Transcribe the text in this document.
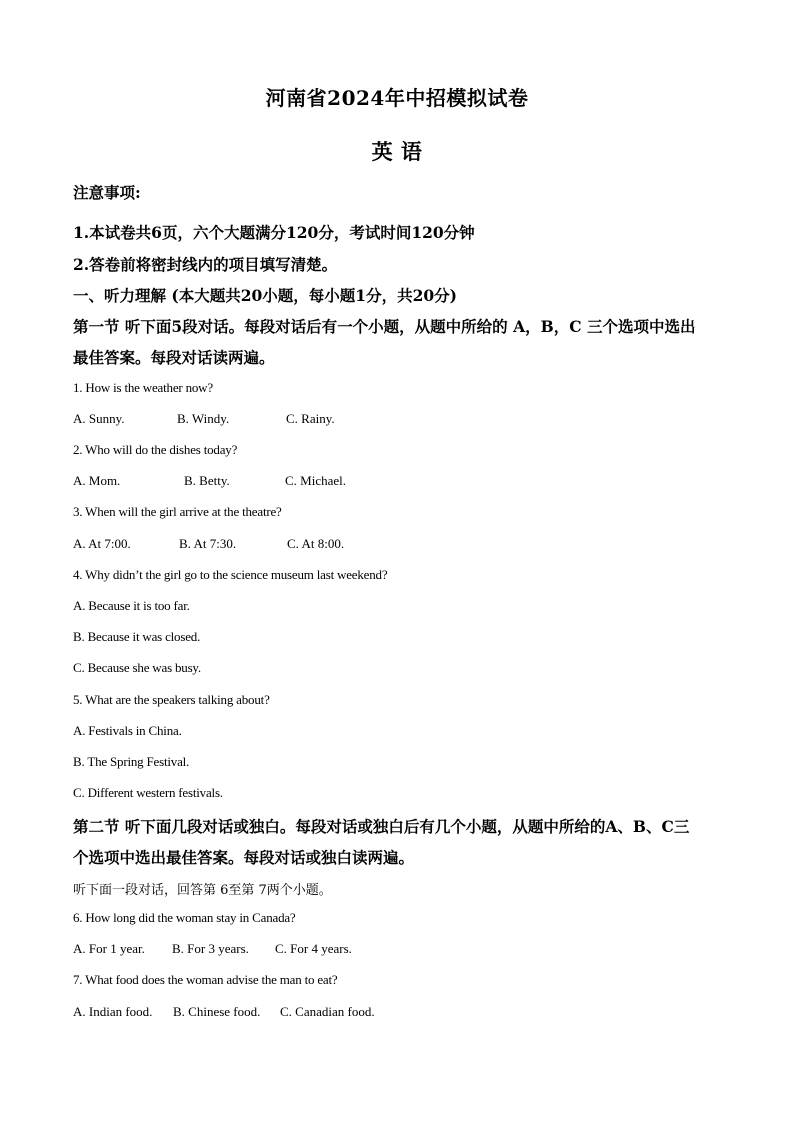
河南省2024年中招模拟试卷
英 语
注意事项:
1.本试卷共6页，六个大题满分120分，考试时间120分钟
2.答卷前将密封线内的项目填写清楚。
一、听力理解 (本大题共20小题，每小题1分，共20分)
第一节 听下面5段对话。每段对话后有一个小题，从题中所给的 A，B，C 三个选项中选出
最佳答案。每段对话读两遍。
1. How is the weather now?
A. Sunny.	B. Windy.	C. Rainy.
2. Who will do the dishes today?
A. Mom.	B. Betty.	C. Michael.
3. When will the girl arrive at the theatre?
A. At 7:00.	B. At 7:30.	C. At 8:00.
4. Why didn’t the girl go to the science museum last weekend?
A. Because it is too far.
B. Because it was closed.
C. Because she was busy.
5. What are the speakers talking about?
A. Festivals in China.
B. The Spring Festival.
C. Different western festivals.
第二节 听下面几段对话或独白。每段对话或独白后有几个小题，从题中所给的A、B、C三
个选项中选出最佳答案。每段对话或独白读两遍。
听下面一段对话，回答第 6至第 7两个小题。
6. How long did the woman stay in Canada?
A. For 1 year. B. For 3 years. C. For 4 years.
7. What food does the woman advise the man to eat?
A. Indian food. B. Chinese food. C. Canadian food.
